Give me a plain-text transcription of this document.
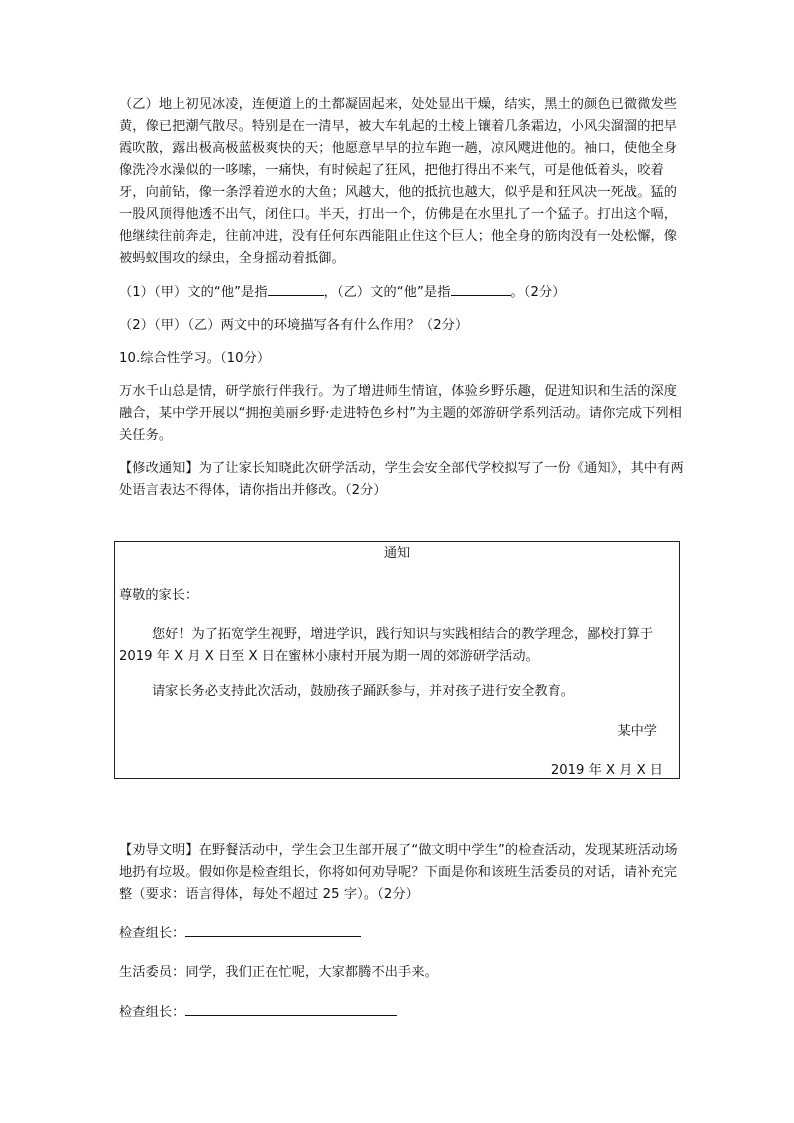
（乙）地上初见冰凌，连便道上的土都凝固起来，处处显出干燥，结实，黑土的颜色已微微发些黄，像已把潮气散尽。特别是在一清早，被大车轧起的土棱上镶着几条霜边，小风尖溜溜的把早霞吹散，露出极高极蓝极爽快的天；他愿意早早的拉车跑一趟，凉风飕进他的。袖口，使他全身像洗冷水澡似的一哆嗦，一痛快，有时候起了狂风，把他打得出不来气，可是他低着头，咬着牙，向前钻，像一条浮着逆水的大鱼；风越大，他的抵抗也越大，似乎是和狂风决一死战。猛的一股风顶得他透不出气，闭住口。半天，打出一个，仿佛是在水里扎了一个猛子。打出这个嗝，他继续往前奔走，往前冲进，没有任何东西能阻止住这个巨人；他全身的筋肉没有一处松懈，像被蚂蚁围攻的绿虫，全身摇动着抵御。

（1）（甲）文的“他”是指	，（乙）文的“他”是指	。（2分）

（2）（甲）（乙）两文中的环境描写各有什么作用？（2分）

10.综合性学习。（10分）

万水千山总是情，研学旅行伴我行。为了增进师生情谊，体验乡野乐趣，促进知识和生活的深度融合，某中学开展以“拥抱美丽乡野·走进特色乡村”为主题的郊游研学系列活动。请你完成下列相关任务。

【修改通知】为了让家长知晓此次研学活动，学生会安全部代学校拟写了一份《通知》，其中有两处语言表达不得体，请你指出并修改。（2分）

通知
尊敬的家长：
您好！为了拓宽学生视野，增进学识，践行知识与实践相结合的教学理念，鄙校打算于 2019 年 X 月 X 日至 X 日在蜜林小康村开展为期一周的郊游研学活动。
请家长务必支持此次活动，鼓励孩子踊跃参与，并对孩子进行安全教育。
某中学
2019 年 X 月 X 日

【劝导文明】在野餐活动中，学生会卫生部开展了“做文明中学生”的检查活动，发现某班活动场地扔有垃圾。假如你是检查组长，你将如何劝导呢？下面是你和该班生活委员的对话，请补充完整（要求：语言得体，每处不超过 25 字）。（2分）

检查组长：

生活委员：同学，我们正在忙呢，大家都腾不出手来。

检查组长：
